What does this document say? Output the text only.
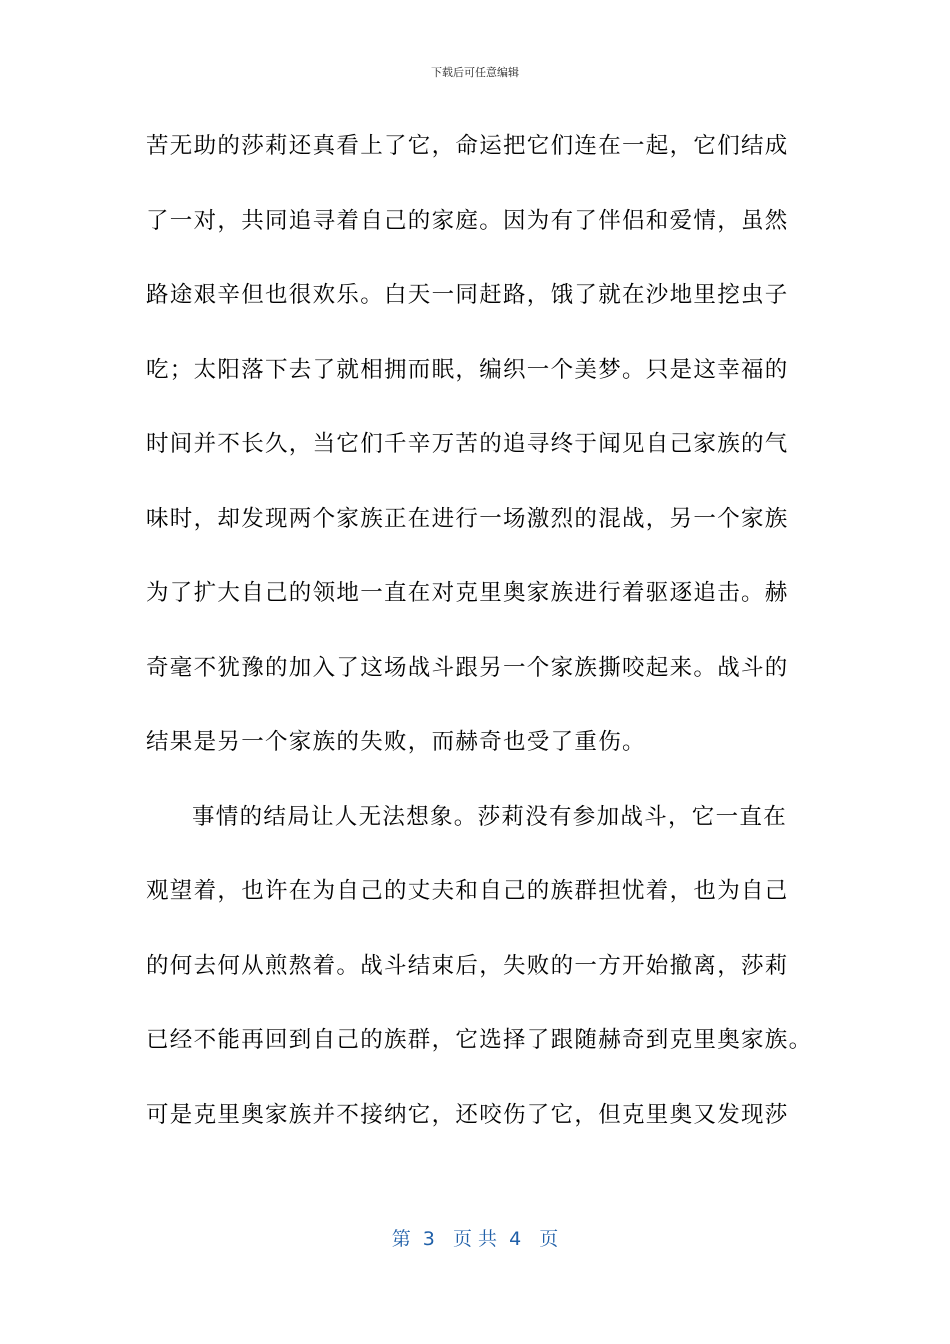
下载后可任意编辑
苦无助的莎莉还真看上了它，命运把它们连在一起，它们结成
了一对，共同追寻着自己的家庭。因为有了伴侣和爱情，虽然
路途艰辛但也很欢乐。白天一同赶路，饿了就在沙地里挖虫子
吃；太阳落下去了就相拥而眠，编织一个美梦。只是这幸福的
时间并不长久，当它们千辛万苦的追寻终于闻见自己家族的气
味时，却发现两个家族正在进行一场激烈的混战，另一个家族
为了扩大自己的领地一直在对克里奥家族进行着驱逐追击。赫
奇毫不犹豫的加入了这场战斗跟另一个家族撕咬起来。战斗的
结果是另一个家族的失败，而赫奇也受了重伤。
事情的结局让人无法想象。莎莉没有参加战斗，它一直在
观望着，也许在为自己的丈夫和自己的族群担忧着，也为自己
的何去何从煎熬着。战斗结束后，失败的一方开始撤离，莎莉
已经不能再回到自己的族群，它选择了跟随赫奇到克里奥家族。
可是克里奥家族并不接纳它，还咬伤了它，但克里奥又发现莎
第  3   页 共  4   页
